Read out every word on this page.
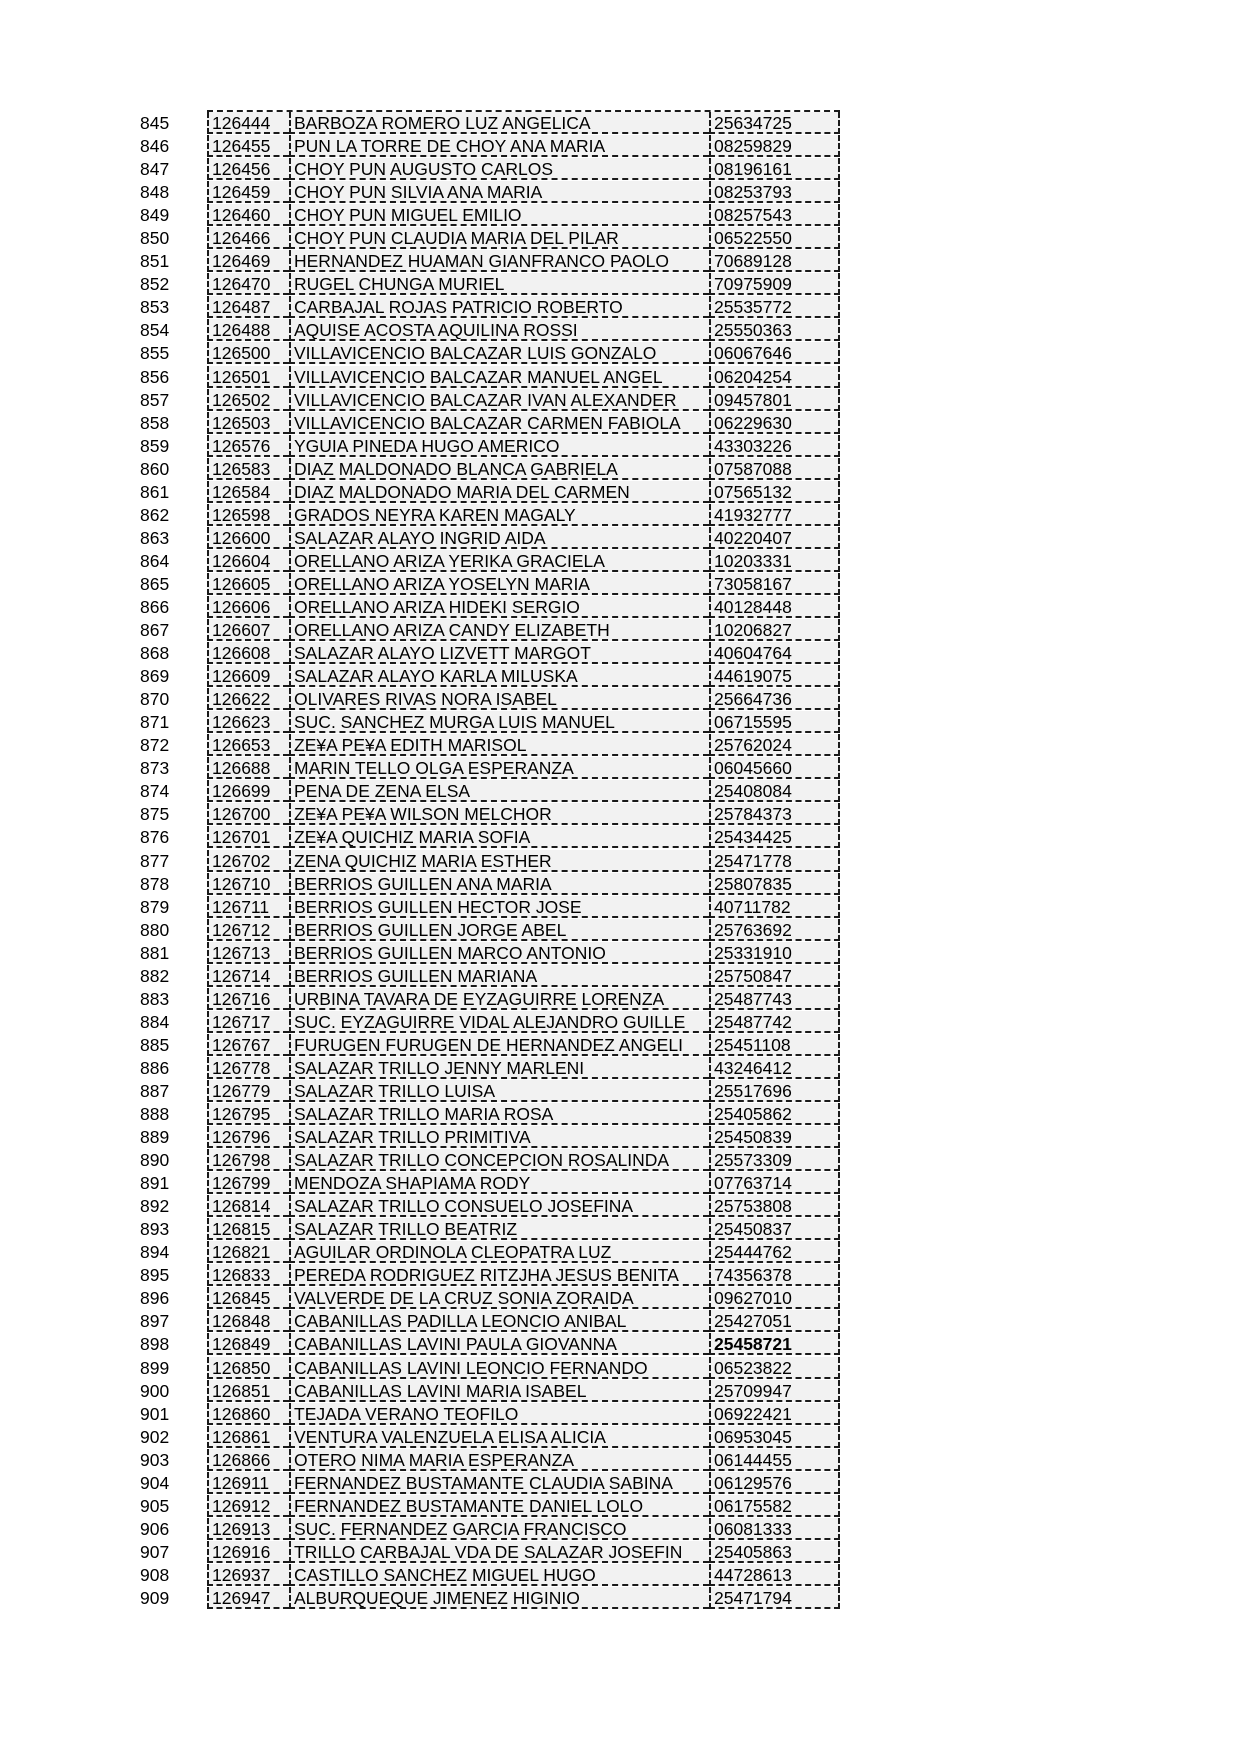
845	126444	BARBOZA ROMERO LUZ ANGELICA	25634725
846	126455	PUN LA TORRE DE CHOY ANA MARIA	08259829
847	126456	CHOY PUN AUGUSTO CARLOS	08196161
848	126459	CHOY PUN SILVIA ANA MARIA	08253793
849	126460	CHOY PUN MIGUEL EMILIO	08257543
850	126466	CHOY PUN CLAUDIA MARIA DEL PILAR	06522550
851	126469	HERNANDEZ HUAMAN GIANFRANCO PAOLO	70689128
852	126470	RUGEL CHUNGA MURIEL	70975909
853	126487	CARBAJAL ROJAS PATRICIO ROBERTO	25535772
854	126488	AQUISE ACOSTA AQUILINA ROSSI	25550363
855	126500	VILLAVICENCIO BALCAZAR LUIS GONZALO	06067646
856	126501	VILLAVICENCIO BALCAZAR MANUEL ANGEL	06204254
857	126502	VILLAVICENCIO BALCAZAR IVAN ALEXANDER	09457801
858	126503	VILLAVICENCIO BALCAZAR CARMEN FABIOLA	06229630
859	126576	YGUIA PINEDA HUGO AMERICO	43303226
860	126583	DIAZ MALDONADO BLANCA GABRIELA	07587088
861	126584	DIAZ MALDONADO MARIA DEL CARMEN	07565132
862	126598	GRADOS NEYRA KAREN MAGALY	41932777
863	126600	SALAZAR ALAYO INGRID AIDA	40220407
864	126604	ORELLANO ARIZA YERIKA GRACIELA	10203331
865	126605	ORELLANO ARIZA YOSELYN MARIA	73058167
866	126606	ORELLANO ARIZA HIDEKI SERGIO	40128448
867	126607	ORELLANO ARIZA CANDY ELIZABETH	10206827
868	126608	SALAZAR ALAYO LIZVETT MARGOT	40604764
869	126609	SALAZAR ALAYO KARLA MILUSKA	44619075
870	126622	OLIVARES RIVAS NORA ISABEL	25664736
871	126623	SUC. SANCHEZ MURGA LUIS MANUEL	06715595
872	126653	ZE¥A PE¥A EDITH MARISOL	25762024
873	126688	MARIN TELLO OLGA ESPERANZA	06045660
874	126699	PENA DE ZENA ELSA	25408084
875	126700	ZE¥A PE¥A WILSON MELCHOR	25784373
876	126701	ZE¥A QUICHIZ MARIA SOFIA	25434425
877	126702	ZENA QUICHIZ MARIA ESTHER	25471778
878	126710	BERRIOS GUILLEN ANA MARIA	25807835
879	126711	BERRIOS GUILLEN HECTOR JOSE	40711782
880	126712	BERRIOS GUILLEN JORGE ABEL	25763692
881	126713	BERRIOS GUILLEN MARCO ANTONIO	25331910
882	126714	BERRIOS GUILLEN MARIANA	25750847
883	126716	URBINA TAVARA DE EYZAGUIRRE LORENZA	25487743
884	126717	SUC. EYZAGUIRRE VIDAL ALEJANDRO GUILLE	25487742
885	126767	FURUGEN FURUGEN DE HERNANDEZ ANGELI	25451108
886	126778	SALAZAR TRILLO JENNY MARLENI	43246412
887	126779	SALAZAR TRILLO LUISA	25517696
888	126795	SALAZAR TRILLO MARIA ROSA	25405862
889	126796	SALAZAR TRILLO PRIMITIVA	25450839
890	126798	SALAZAR TRILLO CONCEPCION ROSALINDA	25573309
891	126799	MENDOZA SHAPIAMA RODY	07763714
892	126814	SALAZAR TRILLO CONSUELO JOSEFINA	25753808
893	126815	SALAZAR TRILLO BEATRIZ	25450837
894	126821	AGUILAR ORDINOLA CLEOPATRA LUZ	25444762
895	126833	PEREDA RODRIGUEZ RITZJHA JESUS BENITA	74356378
896	126845	VALVERDE DE LA CRUZ SONIA ZORAIDA	09627010
897	126848	CABANILLAS PADILLA LEONCIO ANIBAL	25427051
898	126849	CABANILLAS LAVINI PAULA GIOVANNA	25458721
899	126850	CABANILLAS LAVINI LEONCIO FERNANDO	06523822
900	126851	CABANILLAS LAVINI MARIA ISABEL	25709947
901	126860	TEJADA VERANO TEOFILO	06922421
902	126861	VENTURA VALENZUELA ELISA ALICIA	06953045
903	126866	OTERO NIMA MARIA ESPERANZA	06144455
904	126911	FERNANDEZ BUSTAMANTE CLAUDIA SABINA	06129576
905	126912	FERNANDEZ BUSTAMANTE DANIEL LOLO	06175582
906	126913	SUC. FERNANDEZ GARCIA FRANCISCO	06081333
907	126916	TRILLO CARBAJAL VDA DE SALAZAR JOSEFIN	25405863
908	126937	CASTILLO SANCHEZ MIGUEL HUGO	44728613
909	126947	ALBURQUEQUE JIMENEZ HIGINIO	25471794
